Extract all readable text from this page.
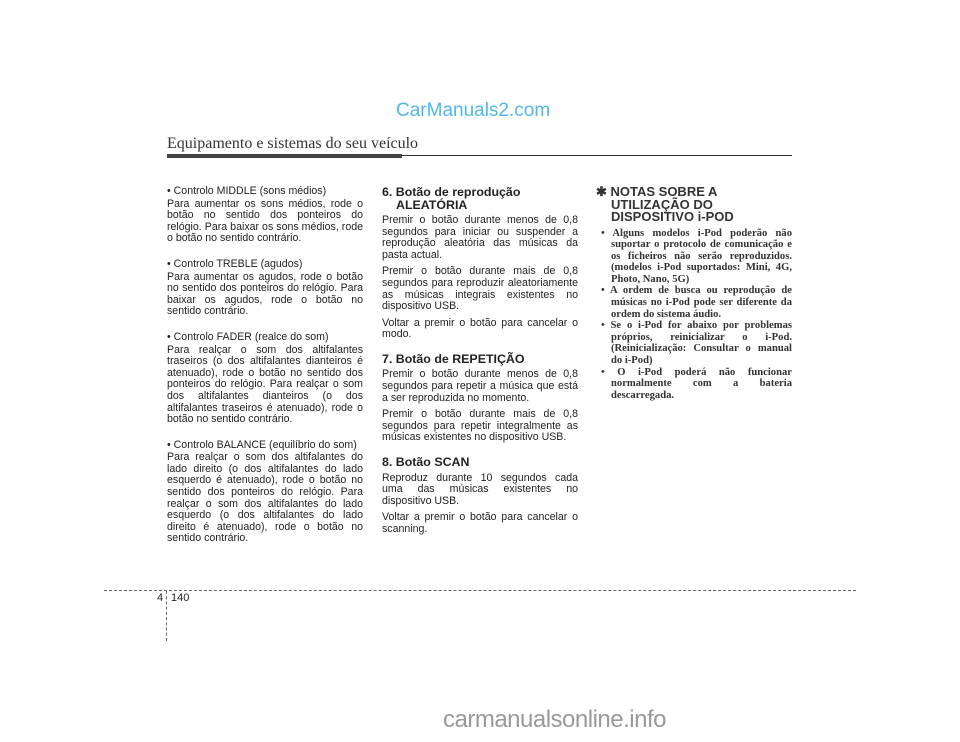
CarManuals2.com
Equipamento e sistemas do seu veículo

• Controlo MIDDLE (sons médios)

Para aumentar os sons médios, rode o botão no sentido dos ponteiros do relógio. Para baixar os sons médios, rode o botão no sentido contrário.

• Controlo TREBLE (agudos)

Para aumentar os agudos, rode o botão no sentido dos ponteiros do relógio. Para baixar os agudos, rode o botão no sentido contrário.

• Controlo FADER (realce do som)

Para realçar o som dos altifalantes traseiros (o dos altifalantes dianteiros é atenuado), rode o botão no sentido dos ponteiros do relógio. Para realçar o som dos altifalantes dianteiros (o dos altifalantes traseiros é atenuado), rode o botão no sentido contrário.

• Controlo BALANCE (equilíbrio do som)

Para realçar o som dos altifalantes do lado direito (o dos altifalantes do lado esquerdo é atenuado), rode o botão no sentido dos ponteiros do relógio. Para realçar o som dos altifalantes do lado esquerdo (o dos altifalantes do lado direito é atenuado), rode o botão no sentido contrário.

6. Botão de reprodução
ALEATÓRIA

Premir o botão durante menos de 0,8 segundos para iniciar ou suspender a reprodução aleatória das músicas da pasta actual.

Premir o botão durante mais de 0,8 segundos para reproduzir aleatoriamente as músicas integrais existentes no dispositivo USB.

Voltar a premir o botão para cancelar o modo.

7. Botão de REPETIÇÃO

Premir o botão durante menos de 0,8 segundos para repetir a música que está a ser reproduzida no momento.

Premir o botão durante mais de 0,8 segundos para repetir integralmente as músicas existentes no dispositivo USB.

8. Botão SCAN

Reproduz durante 10 segundos cada uma das músicas existentes no dispositivo USB.

Voltar a premir o botão para cancelar o scanning.

✱ NOTAS SOBRE A
UTILIZAÇÃO DO
DISPOSITIVO i-POD
• Alguns modelos i-Pod poderão não suportar o protocolo de comunicação e os ficheiros não serão reproduzidos. (modelos i-Pod suportados: Mini, 4G, Photo, Nano, 5G)
• A ordem de busca ou reprodução de músicas no i-Pod pode ser diferente da ordem do sistema áudio.
• Se o i-Pod for abaixo por problemas próprios, reinicializar o i-Pod. (Reinicialização: Consultar o manual do i-Pod)
• O i-Pod poderá não funcionar normalmente com a bateria descarregada.
4 140
carmanualsonline.info
